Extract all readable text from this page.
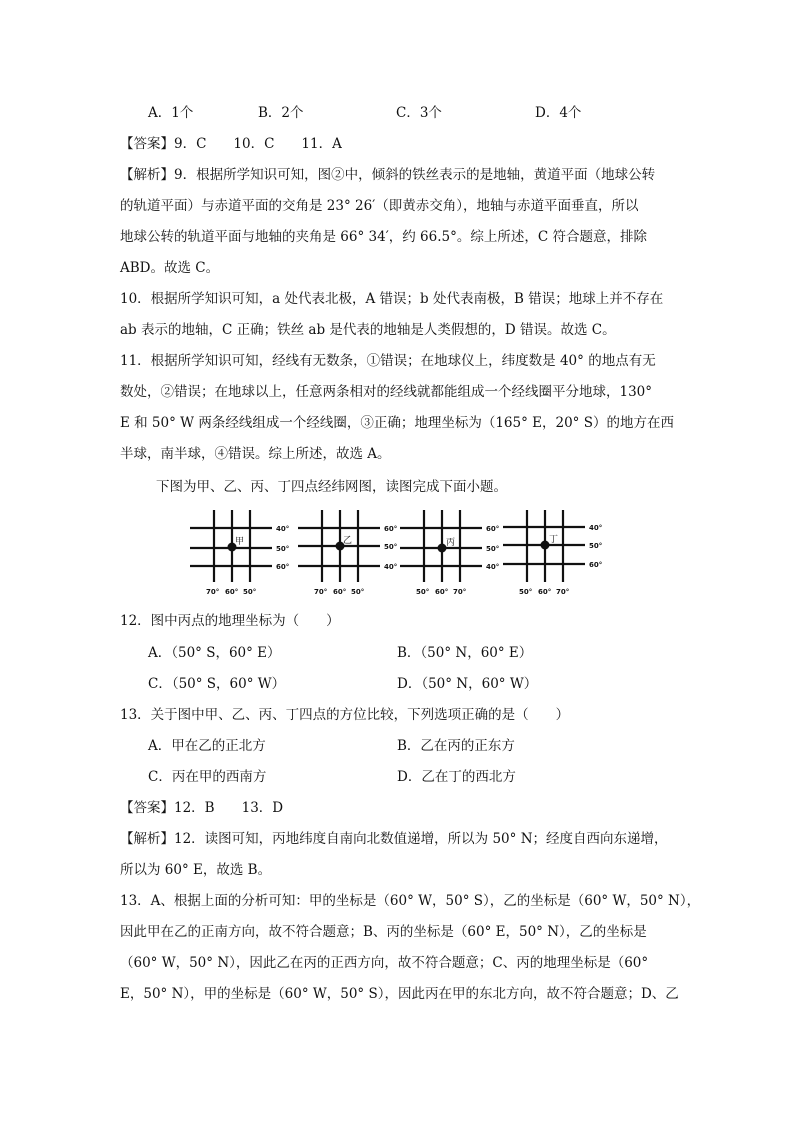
A．1个	B．2个	C．3个	D．4个
【答案】9．C　　10．C　　11．A
【解析】9．根据所学知识可知，图②中，倾斜的铁丝表示的是地轴，黄道平面（地球公转
的轨道平面）与赤道平面的交角是 23° 26′（即黄赤交角），地轴与赤道平面垂直，所以
地球公转的轨道平面与地轴的夹角是 66° 34′，约 66.5°。综上所述，C 符合题意，排除
ABD。故选 C。
10．根据所学知识可知，a 处代表北极，A 错误；b 处代表南极，B 错误；地球上并不存在
ab 表示的地轴，C 正确；铁丝 ab 是代表的地轴是人类假想的，D 错误。故选 C。
11．根据所学知识可知，经线有无数条，①错误；在地球仪上，纬度数是 40° 的地点有无
数处，②错误；在地球以上，任意两条相对的经线就都能组成一个经线圈平分地球，130°
E 和 50° W 两条经线组成一个经线圈，③正确；地理坐标为（165° E，20° S）的地方在西
半球，南半球，④错误。综上所述，故选 A。
下图为甲、乙、丙、丁四点经纬网图，读图完成下面小题。
甲
40°
50°
60°
70° 60° 50°
乙
60°
50°
40°
70° 60° 50°
丙
60°
50°
40°
50° 60° 70°
丁
40°
50°
60°
50° 60° 70°
12．图中丙点的地理坐标为（　　）
A．（50° S，60° E）	B．（50° N，60° E）
C．（50° S，60° W）	D．（50° N，60° W）
13．关于图中甲、乙、丙、丁四点的方位比较，下列选项正确的是（　　）
A．甲在乙的正北方	B．乙在丙的正东方
C．丙在甲的西南方	D．乙在丁的西北方
【答案】12．B　　13．D
【解析】12．读图可知，丙地纬度自南向北数值递增，所以为 50° N；经度自西向东递增，
所以为 60° E，故选 B。
13．A、根据上面的分析可知：甲的坐标是（60° W，50° S），乙的坐标是（60° W，50° N），
因此甲在乙的正南方向，故不符合题意；B、丙的坐标是（60° E，50° N），乙的坐标是
（60° W，50° N），因此乙在丙的正西方向，故不符合题意；C、丙的地理坐标是（60°
E，50° N），甲的坐标是（60° W，50° S），因此丙在甲的东北方向，故不符合题意；D、乙
